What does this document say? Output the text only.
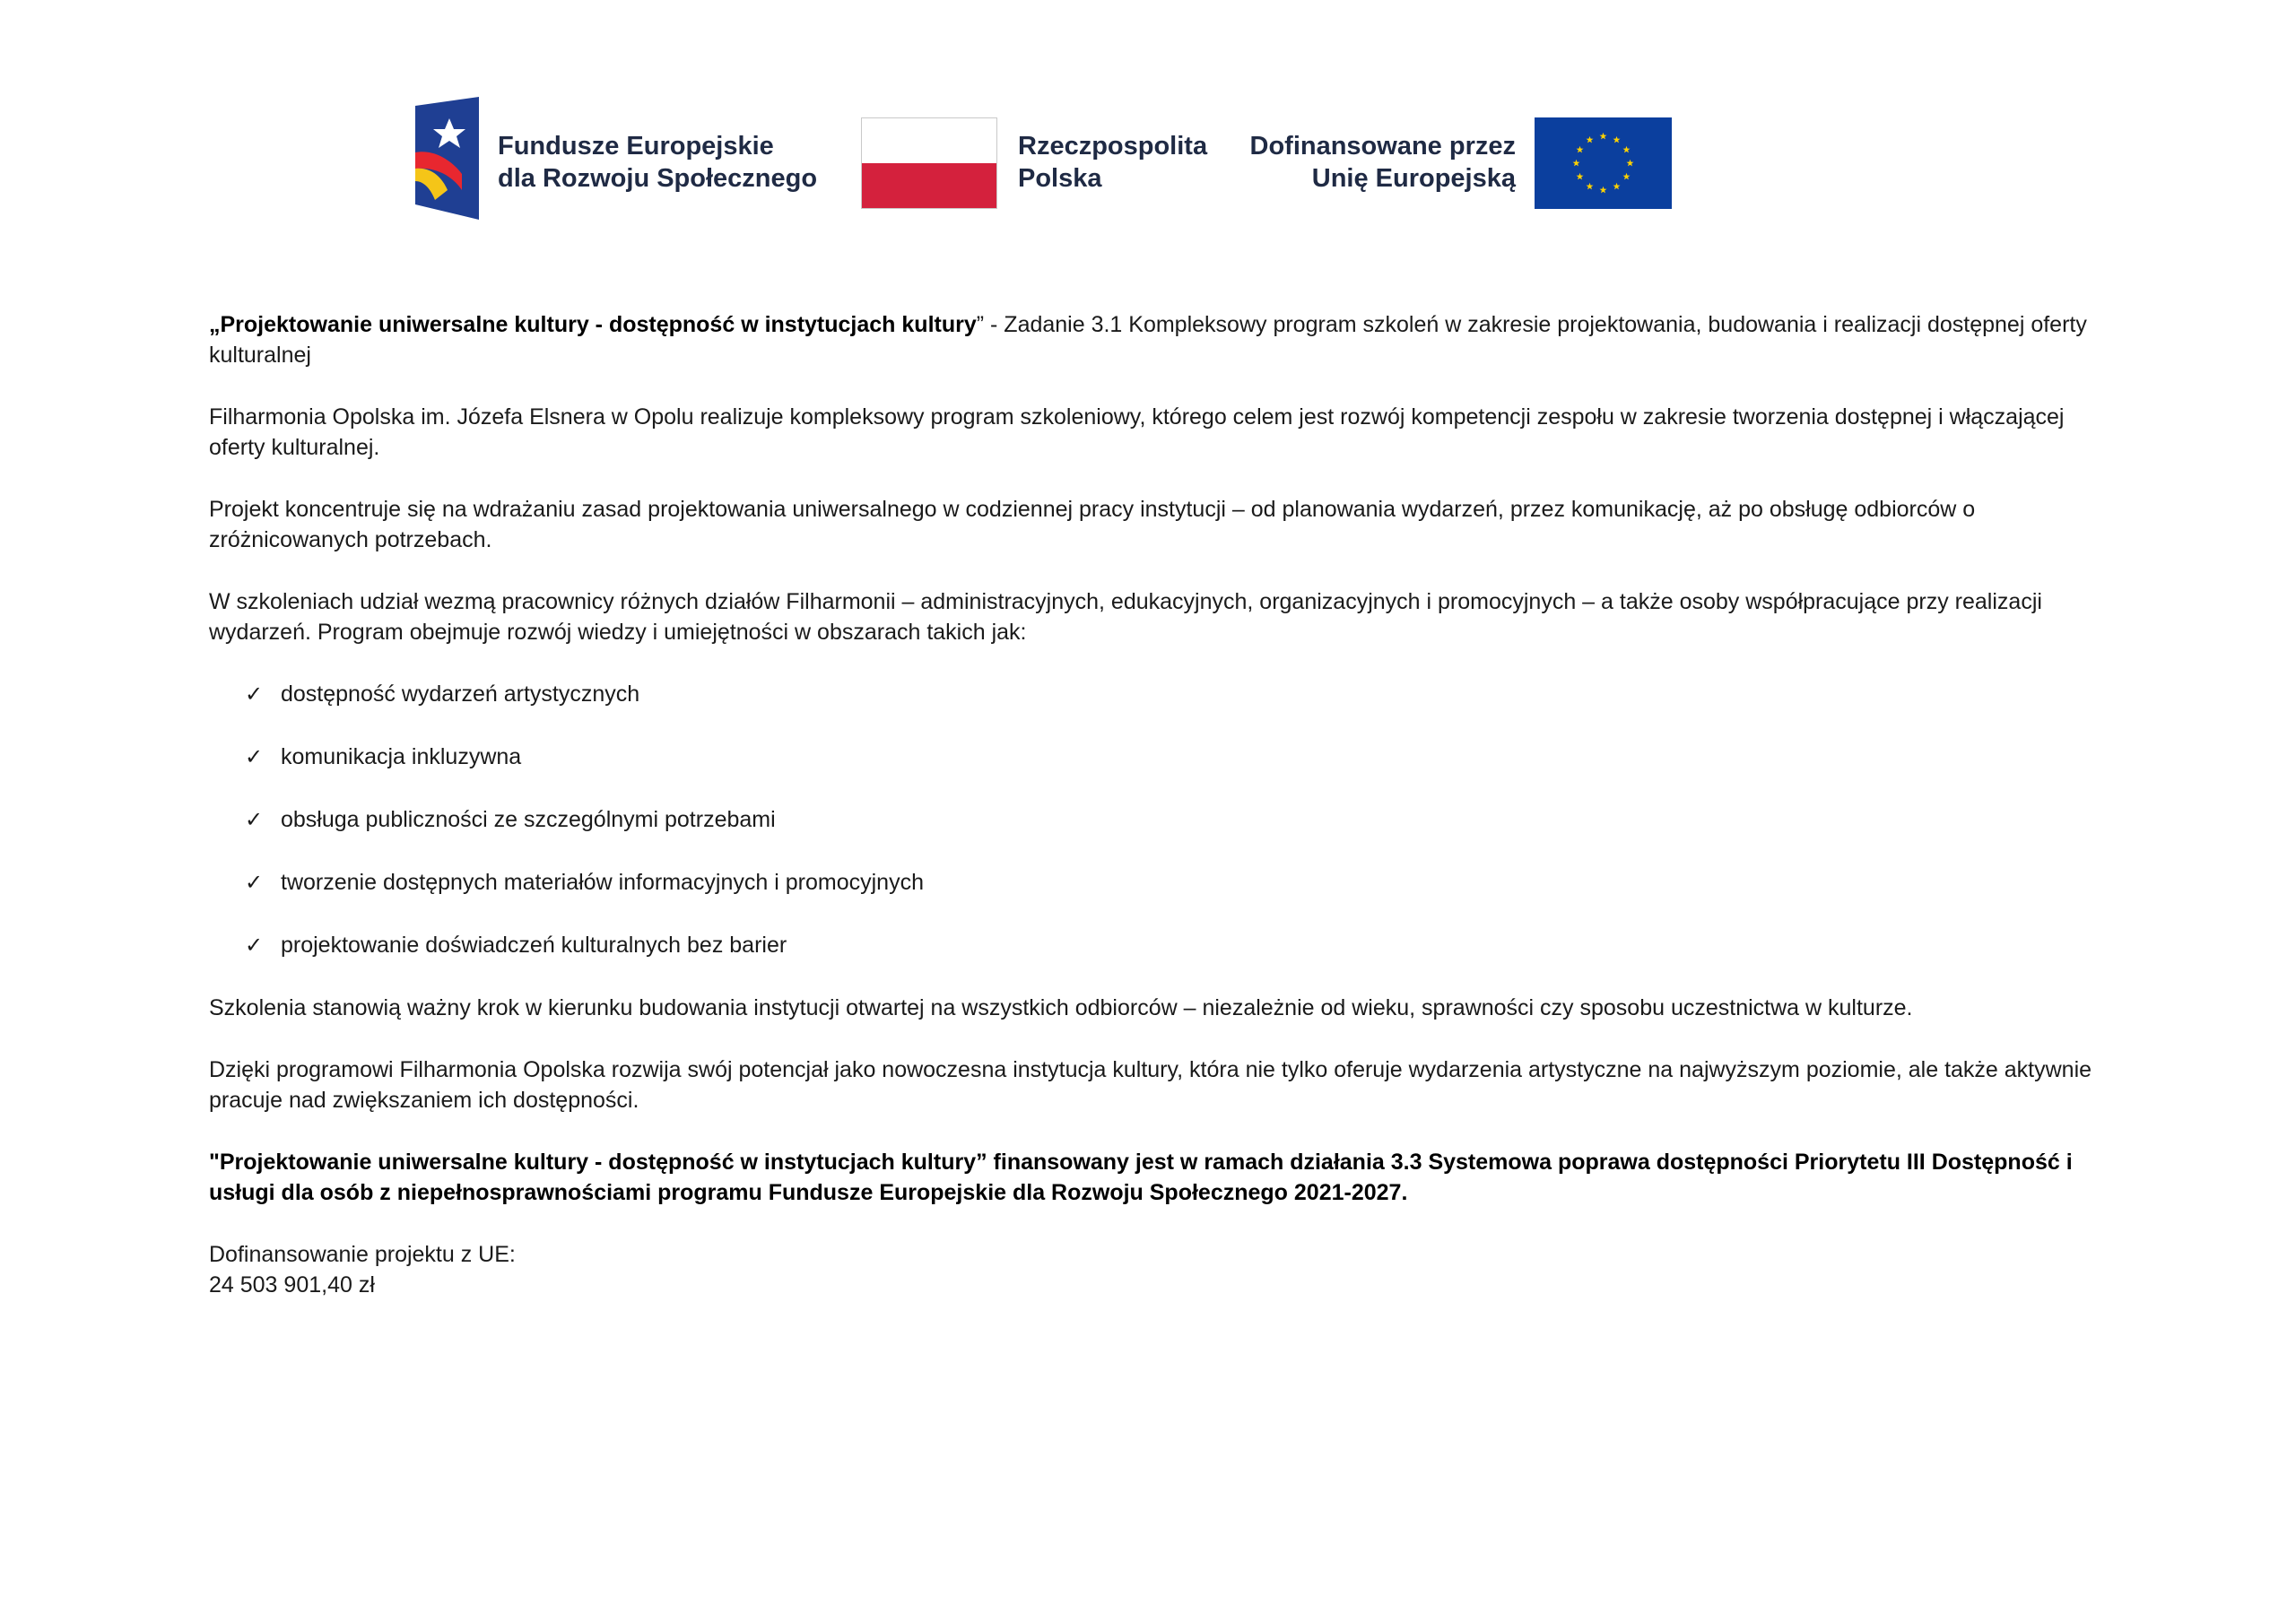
Fundusze Europejskie
dla Rozwoju Społecznego
Rzeczpospolita
Polska
Dofinansowane przez
Unię Europejską

„Projektowanie uniwersalne kultury - dostępność w instytucjach kultury” - Zadanie 3.1 Kompleksowy program szkoleń w zakresie projektowania, budowania i realizacji dostępnej oferty kulturalnej

Filharmonia Opolska im. Józefa Elsnera w Opolu realizuje kompleksowy program szkoleniowy, którego celem jest rozwój kompetencji zespołu w zakresie tworzenia dostępnej i włączającej oferty kulturalnej.

Projekt koncentruje się na wdrażaniu zasad projektowania uniwersalnego w codziennej pracy instytucji – od planowania wydarzeń, przez komunikację, aż po obsługę odbiorców o zróżnicowanych potrzebach.

W szkoleniach udział wezmą pracownicy różnych działów Filharmonii – administracyjnych, edukacyjnych, organizacyjnych i promocyjnych – a także osoby współpracujące przy realizacji wydarzeń. Program obejmuje rozwój wiedzy i umiejętności w obszarach takich jak:

✓ dostępność wydarzeń artystycznych
✓ komunikacja inkluzywna
✓ obsługa publiczności ze szczególnymi potrzebami
✓ tworzenie dostępnych materiałów informacyjnych i promocyjnych
✓ projektowanie doświadczeń kulturalnych bez barier

Szkolenia stanowią ważny krok w kierunku budowania instytucji otwartej na wszystkich odbiorców – niezależnie od wieku, sprawności czy sposobu uczestnictwa w kulturze.

Dzięki programowi Filharmonia Opolska rozwija swój potencjał jako nowoczesna instytucja kultury, która nie tylko oferuje wydarzenia artystyczne na najwyższym poziomie, ale także aktywnie pracuje nad zwiększaniem ich dostępności.

"Projektowanie uniwersalne kultury - dostępność w instytucjach kultury” finansowany jest w ramach działania 3.3 Systemowa poprawa dostępności Priorytetu III Dostępność i usługi dla osób z niepełnosprawnościami programu Fundusze Europejskie dla Rozwoju Społecznego 2021-2027.

Dofinansowanie projektu z UE:

24 503 901,40 zł
